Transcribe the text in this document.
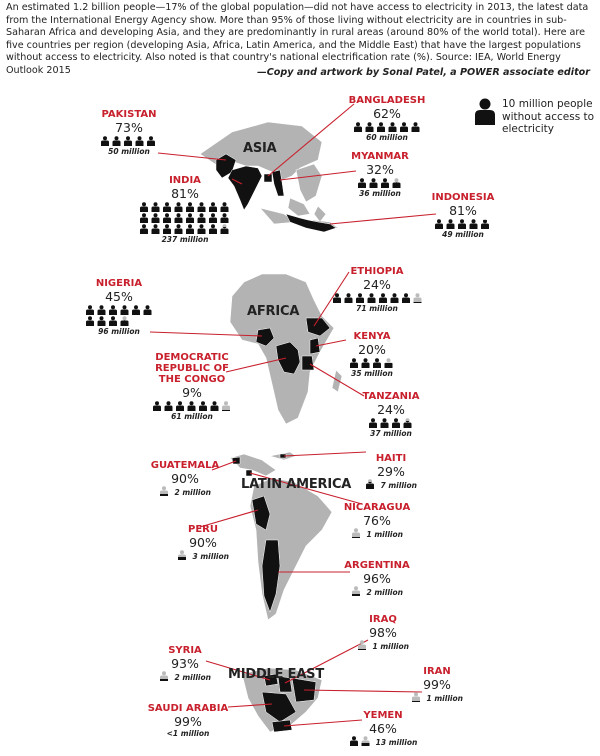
An estimated 1.2 billion people—17% of the global population—did not have access to electricity in 2013, the latest data from the International Energy Agency show. More than 95% of those living without electricity are in countries in sub-Saharan Africa and developing Asia, and they are predominantly in rural areas (around 80% of the world total). Here are five countries per region (developing Asia, Africa, Latin America, and the Middle East) that have the largest populations without access to electricity. Also noted is that country's national electrification rate (%). Source: IEA, World Energy Outlook 2015	—Copy and artwork by Sonal Patel, a POWER associate editor

ASIA
AFRICA
LATIN AMERICA
MIDDLE EAST
10 million people without access to electricity
PAKISTAN
73%
50 million
BANGLADESH
62%
60 million
MYANMAR
32%
36 million
INDIA
81%
237 million
INDONESIA
81%
49 million
NIGERIA
45%
96 million
ETHIOPIA
24%
71 million
KENYA
20%
35 million
DEMOCRATIC REPUBLIC OF THE CONGO
9%
61 million
TANZANIA
24%
37 million
GUATEMALA
90%
2 million
HAITI
29%
7 million
NICARAGUA
76%
1 million
PERU
90%
3 million
ARGENTINA
96%
2 million
IRAQ
98%
1 million
SYRIA
93%
2 million
IRAN
99%
1 million
SAUDI ARABIA
99%
<1 million
YEMEN
46%
13 million
